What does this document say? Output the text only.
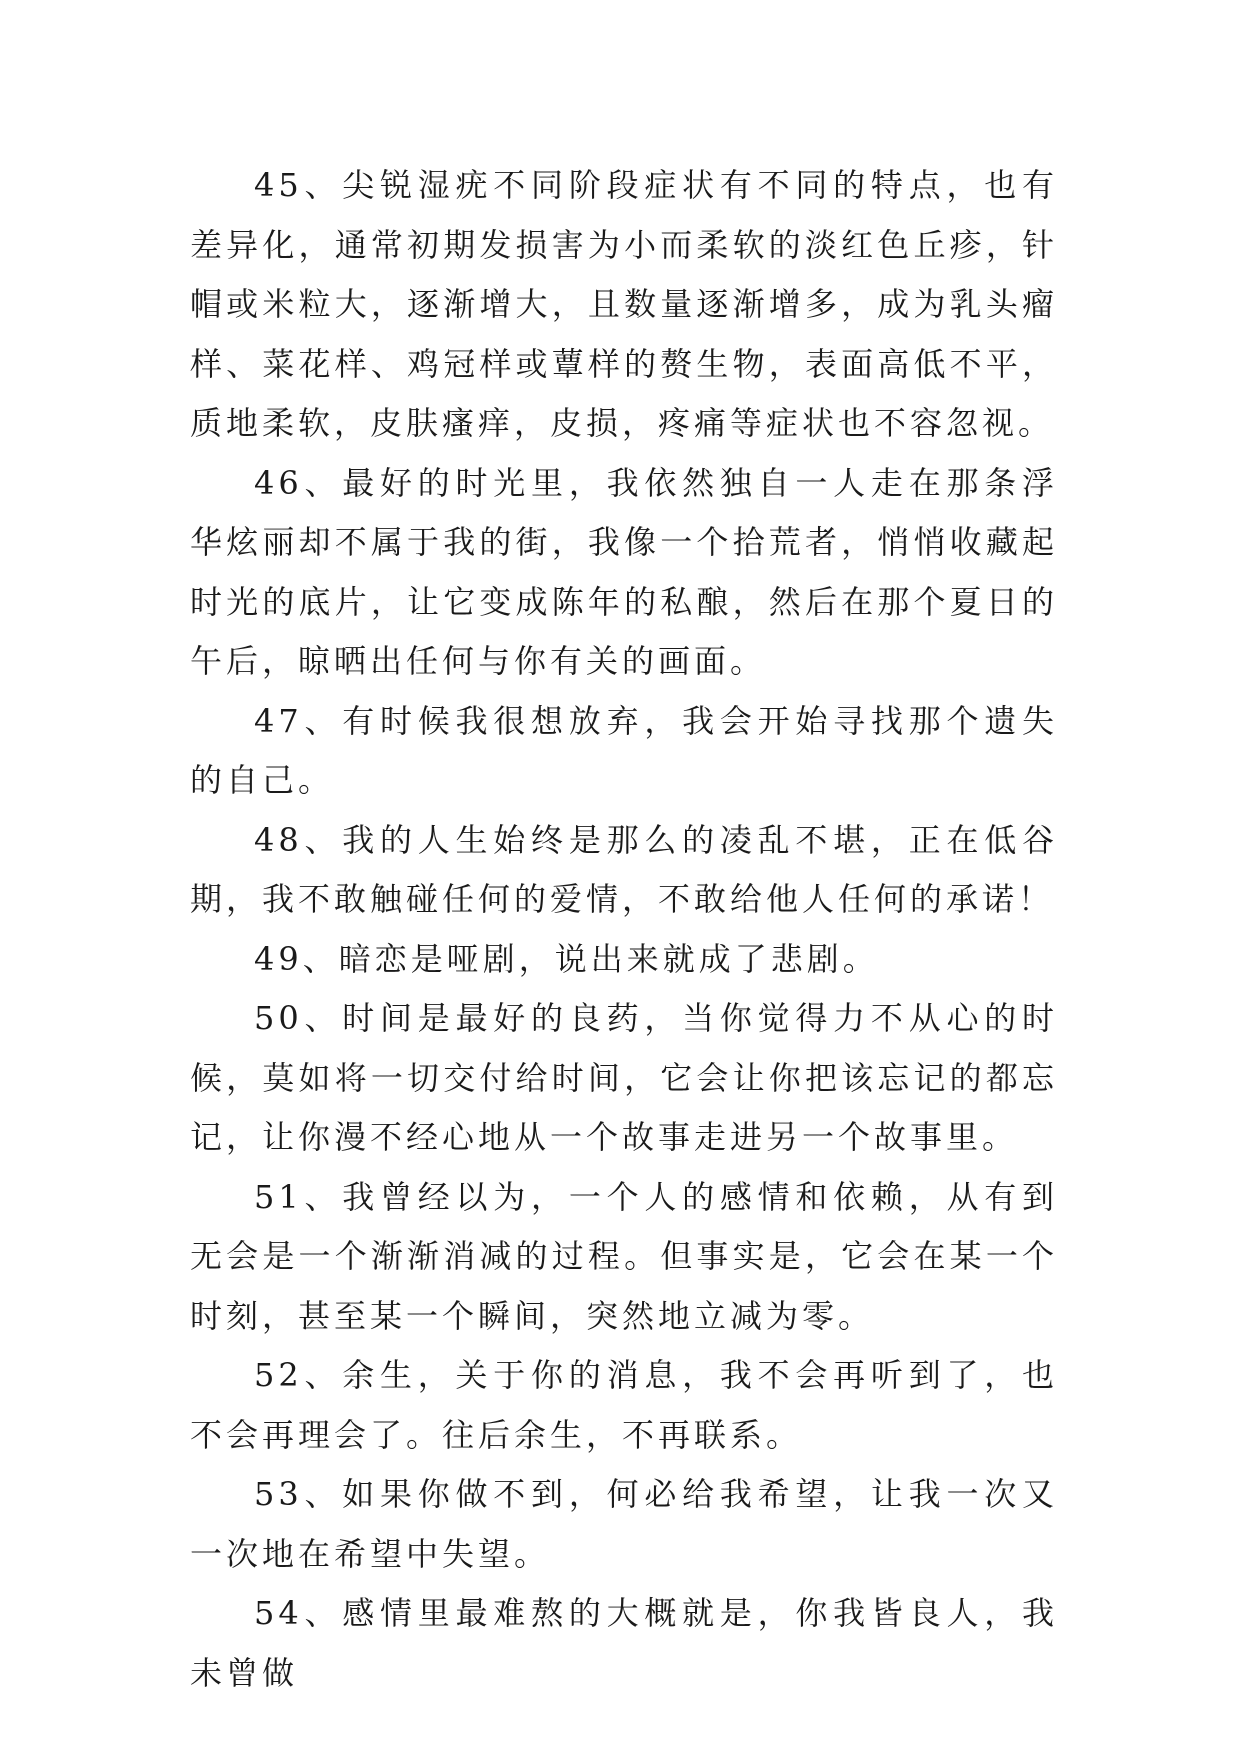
45、尖锐湿疣不同阶段症状有不同的特点，也有差异化，通常初期发损害为小而柔软的淡红色丘疹，针帽或米粒大，逐渐增大，且数量逐渐增多，成为乳头瘤样、菜花样、鸡冠样或蕈样的赘生物，表面高低不平，质地柔软，皮肤瘙痒，皮损，疼痛等症状也不容忽视。

46、最好的时光里，我依然独自一人走在那条浮华炫丽却不属于我的街，我像一个拾荒者，悄悄收藏起时光的底片，让它变成陈年的私酿，然后在那个夏日的午后，晾晒出任何与你有关的画面。

47、有时候我很想放弃，我会开始寻找那个遗失的自己。

48、我的人生始终是那么的凌乱不堪，正在低谷期，我不敢触碰任何的爱情，不敢给他人任何的承诺！

49、暗恋是哑剧，说出来就成了悲剧。

50、时间是最好的良药，当你觉得力不从心的时候，莫如将一切交付给时间，它会让你把该忘记的都忘记，让你漫不经心地从一个故事走进另一个故事里。

51、我曾经以为，一个人的感情和依赖，从有到无会是一个渐渐消减的过程。但事实是，它会在某一个时刻，甚至某一个瞬间，突然地立减为零。

52、余生，关于你的消息，我不会再听到了，也不会再理会了。往后余生，不再联系。

53、如果你做不到，何必给我希望，让我一次又一次地在希望中失望。

54、感情里最难熬的大概就是，你我皆良人，我未曾做
